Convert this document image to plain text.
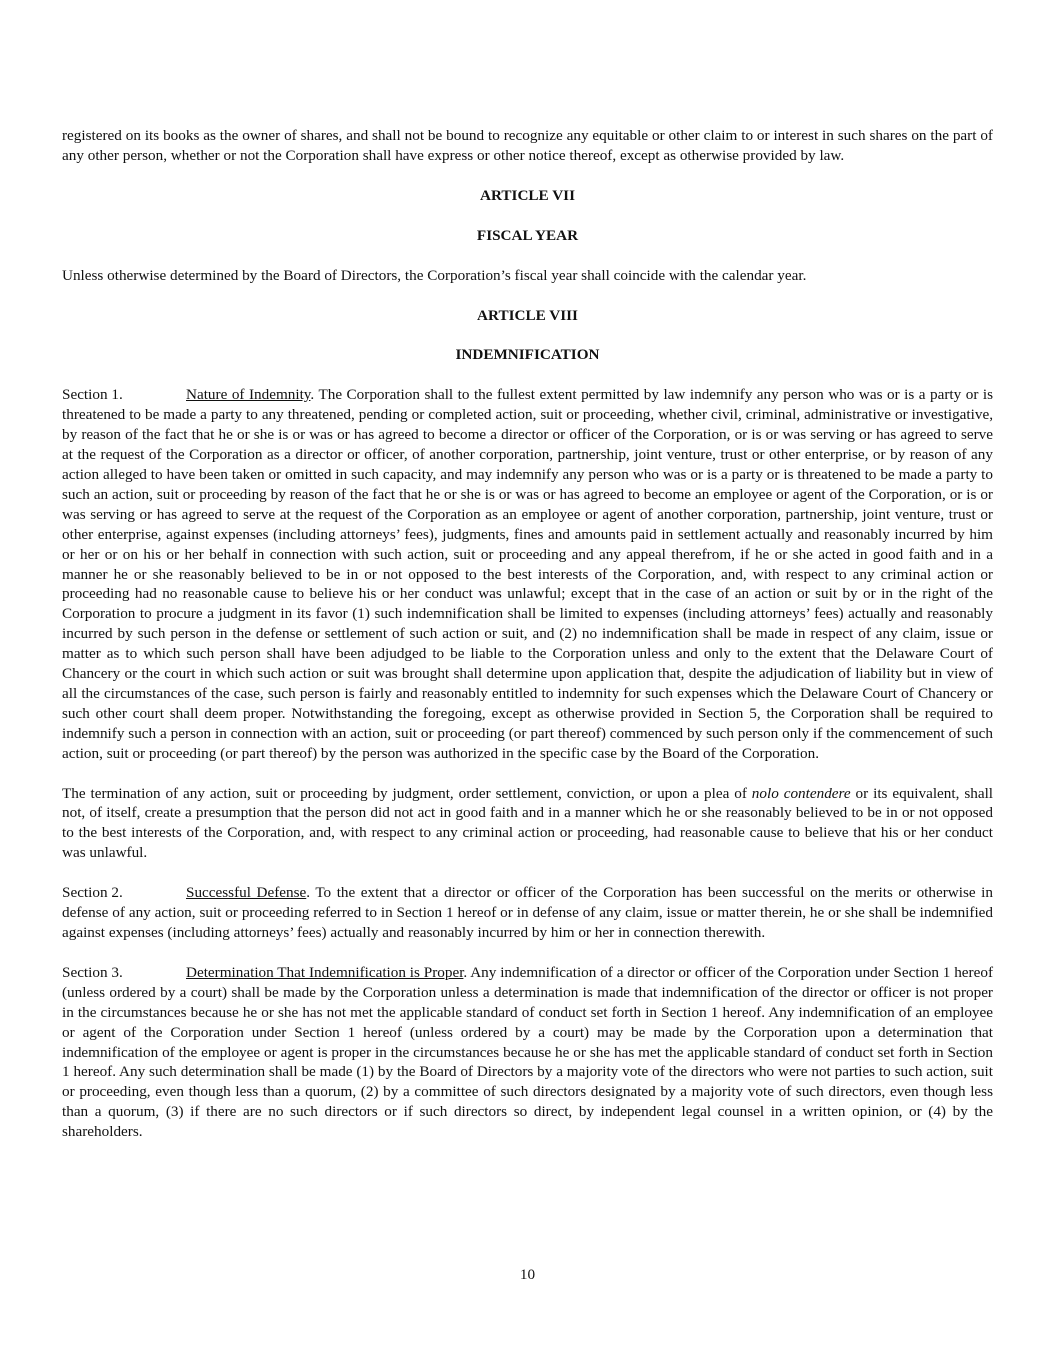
registered on its books as the owner of shares, and shall not be bound to recognize any equitable or other claim to or interest in such shares on the part of any other person, whether or not the Corporation shall have express or other notice thereof, except as otherwise provided by law.

ARTICLE VII
FISCAL YEAR

Unless otherwise determined by the Board of Directors, the Corporation’s fiscal year shall coincide with the calendar year.

ARTICLE VIII
INDEMNIFICATION

Section 1.	Nature of Indemnity. The Corporation shall to the fullest extent permitted by law indemnify any person who was or is a party or is threatened to be made a party to any threatened, pending or completed action, suit or proceeding, whether civil, criminal, administrative or investigative, by reason of the fact that he or she is or was or has agreed to become a director or officer of the Corporation, or is or was serving or has agreed to serve at the request of the Corporation as a director or officer, of another corporation, partnership, joint venture, trust or other enterprise, or by reason of any action alleged to have been taken or omitted in such capacity, and may indemnify any person who was or is a party or is threatened to be made a party to such an action, suit or proceeding by reason of the fact that he or she is or was or has agreed to become an employee or agent of the Corporation, or is or was serving or has agreed to serve at the request of the Corporation as an employee or agent of another corporation, partnership, joint venture, trust or other enterprise, against expenses (including attorneys’ fees), judgments, fines and amounts paid in settlement actually and reasonably incurred by him or her or on his or her behalf in connection with such action, suit or proceeding and any appeal therefrom, if he or she acted in good faith and in a manner he or she reasonably believed to be in or not opposed to the best interests of the Corporation, and, with respect to any criminal action or proceeding had no reasonable cause to believe his or her conduct was unlawful; except that in the case of an action or suit by or in the right of the Corporation to procure a judgment in its favor (1) such indemnification shall be limited to expenses (including attorneys’ fees) actually and reasonably incurred by such person in the defense or settlement of such action or suit, and (2) no indemnification shall be made in respect of any claim, issue or matter as to which such person shall have been adjudged to be liable to the Corporation unless and only to the extent that the Delaware Court of Chancery or the court in which such action or suit was brought shall determine upon application that, despite the adjudication of liability but in view of all the circumstances of the case, such person is fairly and reasonably entitled to indemnity for such expenses which the Delaware Court of Chancery or such other court shall deem proper. Notwithstanding the foregoing, except as otherwise provided in Section 5, the Corporation shall be required to indemnify such a person in connection with an action, suit or proceeding (or part thereof) commenced by such person only if the commencement of such action, suit or proceeding (or part thereof) by the person was authorized in the specific case by the Board of the Corporation.

The termination of any action, suit or proceeding by judgment, order settlement, conviction, or upon a plea of nolo contendere or its equivalent, shall not, of itself, create a presumption that the person did not act in good faith and in a manner which he or she reasonably believed to be in or not opposed to the best interests of the Corporation, and, with respect to any criminal action or proceeding, had reasonable cause to believe that his or her conduct was unlawful.

Section 2.	Successful Defense. To the extent that a director or officer of the Corporation has been successful on the merits or otherwise in defense of any action, suit or proceeding referred to in Section 1 hereof or in defense of any claim, issue or matter therein, he or she shall be indemnified against expenses (including attorneys’ fees) actually and reasonably incurred by him or her in connection therewith.

Section 3.	Determination That Indemnification is Proper. Any indemnification of a director or officer of the Corporation under Section 1 hereof (unless ordered by a court) shall be made by the Corporation unless a determination is made that indemnification of the director or officer is not proper in the circumstances because he or she has not met the applicable standard of conduct set forth in Section 1 hereof. Any indemnification of an employee or agent of the Corporation under Section 1 hereof (unless ordered by a court) may be made by the Corporation upon a determination that indemnification of the employee or agent is proper in the circumstances because he or she has met the applicable standard of conduct set forth in Section 1 hereof. Any such determination shall be made (1) by the Board of Directors by a majority vote of the directors who were not parties to such action, suit or proceeding, even though less than a quorum, (2) by a committee of such directors designated by a majority vote of such directors, even though less than a quorum, (3) if there are no such directors or if such directors so direct, by independent legal counsel in a written opinion, or (4) by the shareholders.

10
